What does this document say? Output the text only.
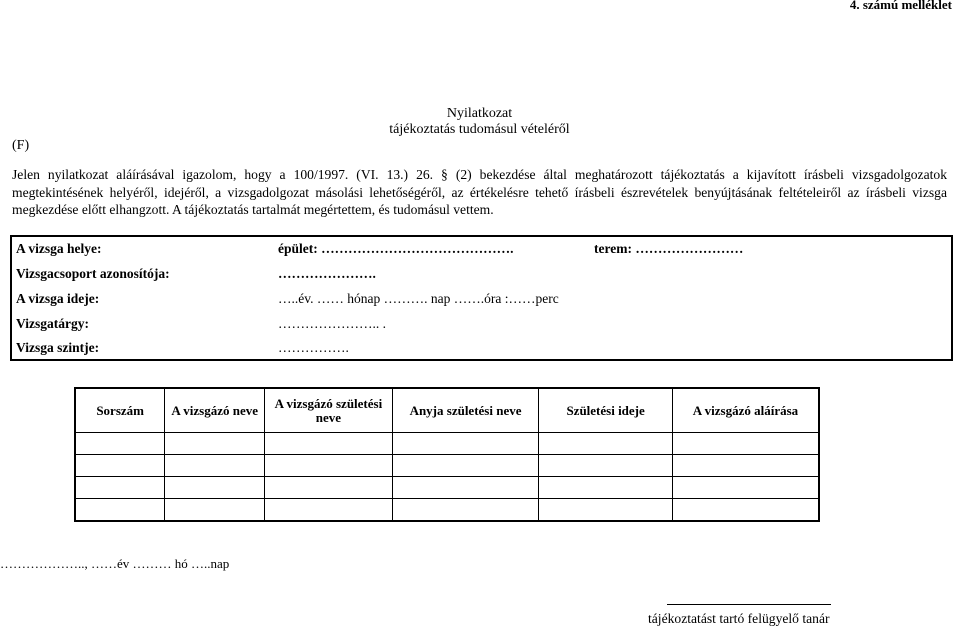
4. számú melléklet
Nyilatkozat
tájékoztatás tudomásul vételéről
(F)
Jelen nyilatkozat aláírásával igazolom, hogy a 100/1997. (VI. 13.) 26. § (2) bekezdése által meghatározott tájékoztatás a kijavított írásbeli vizsgadolgozatok megtekintésének helyéről, idejéről, a vizsgadolgozat másolási lehetőségéről, az értékelésre tehető írásbeli észrevételek benyújtásának feltételeiről az írásbeli vizsga megkezdése előtt elhangzott. A tájékoztatás tartalmát megértettem, és tudomásul vettem.
A vizsga helye:	épület: …………………………………….	terem: ……………………
Vizsgacsoport azonosítója:	………………….
A vizsga ideje:	…..év. …… hónap ………. nap …….óra :……perc
Vizsgatárgy:	………………….. .
Vizsga szintje:	…………….
Sorszám	A vizsgázó neve	A vizsgázó születési neve	Anyja születési neve	Születési ideje	A vizsgázó aláírása

……………….., ……év ……… hó …..nap
tájékoztatást tartó felügyelő tanár
